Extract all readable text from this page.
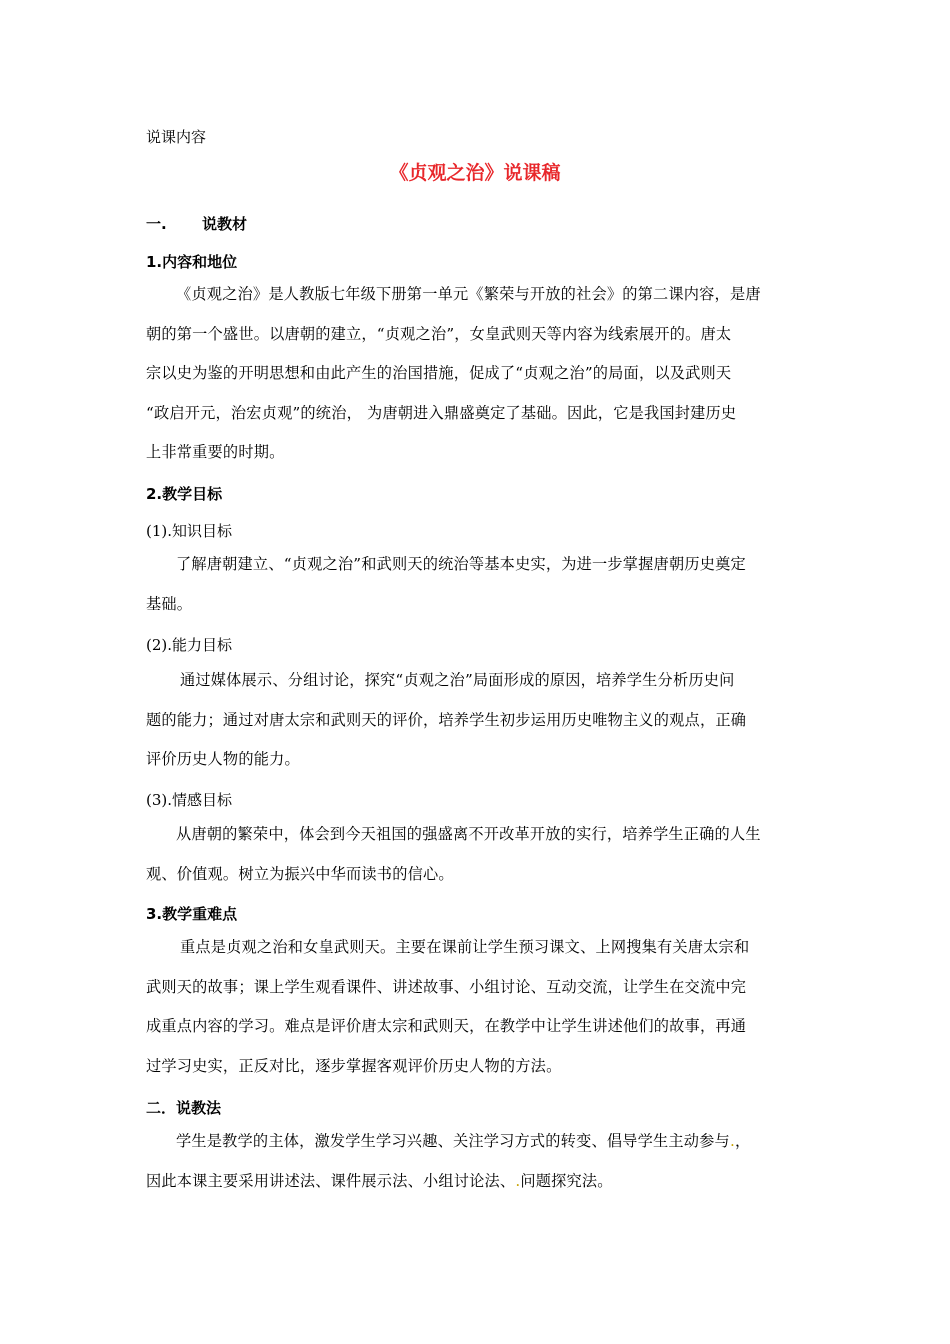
说课内容
《贞观之治》说课稿
一. 说教材
1.内容和地位
《贞观之治》是人教版七年级下册第一单元《繁荣与开放的社会》的第二课内容，是唐
朝的第一个盛世。以唐朝的建立，“贞观之治”，女皇武则天等内容为线索展开的。唐太
宗以史为鉴的开明思想和由此产生的治国措施，促成了“贞观之治”的局面，以及武则天
“政启开元，治宏贞观”的统治， 为唐朝进入鼎盛奠定了基础。因此，它是我国封建历史
上非常重要的时期。
2.教学目标
(1).知识目标
了解唐朝建立、“贞观之治”和武则天的统治等基本史实，为进一步掌握唐朝历史奠定
基础。
(2).能力目标
通过媒体展示、分组讨论，探究“贞观之治”局面形成的原因，培养学生分析历史问
题的能力；通过对唐太宗和武则天的评价，培养学生初步运用历史唯物主义的观点，正确
评价历史人物的能力。
(3).情感目标
从唐朝的繁荣中，体会到今天祖国的强盛离不开改革开放的实行，培养学生正确的人生
观、价值观。树立为振兴中华而读书的信心。
3.教学重难点
重点是贞观之治和女皇武则天。主要在课前让学生预习课文、上网搜集有关唐太宗和
武则天的故事；课上学生观看课件、讲述故事、小组讨论、互动交流，让学生在交流中完
成重点内容的学习。难点是评价唐太宗和武则天，在教学中让学生讲述他们的故事，再通
过学习史实，正反对比，逐步掌握客观评价历史人物的方法。
二．说教法
学生是教学的主体，激发学生学习兴趣、关注学习方式的转变、倡导学生主动参与.，
因此本课主要采用讲述法、课件展示法、小组讨论法、.问题探究法。
